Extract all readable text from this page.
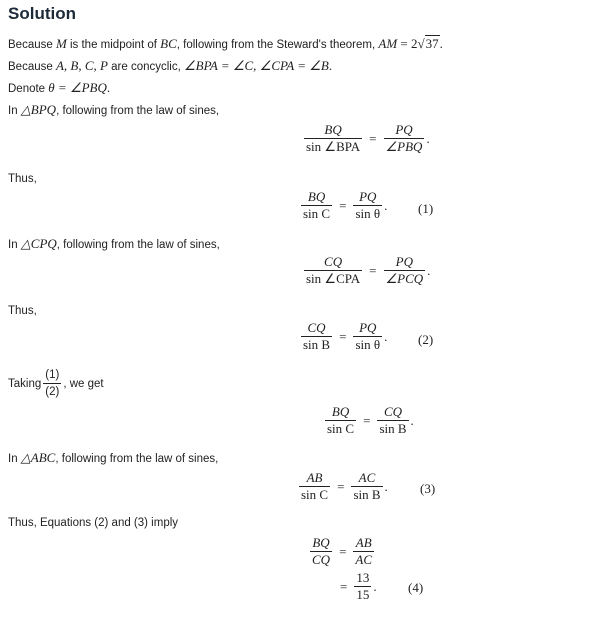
Solution
Because M is the midpoint of BC, following from the Steward's theorem, AM = 2√37.
Because A, B, C, P are concyclic, ∠BPA = ∠C, ∠CPA = ∠B.
Denote θ = ∠PBQ.
In △BPQ, following from the law of sines,
$\frac{BQ}{\text{sin ∠BPA}} = \frac{PQ}{\text{∠PBQ}}$ .
Thus,
$\frac{BQ}{\text{sin C}} = \frac{PQ}{\text{sin θ}}$ . (1)
In △CPQ, following from the law of sines,
$\frac{CQ}{\text{sin ∠CPA}} = \frac{PQ}{\text{∠PCQ}}$ .
Thus,
$\frac{CQ}{\text{sin B}} = \frac{PQ}{\text{sin θ}}$ . (2)
Taking $\frac{(1)}{(2)}$ , we get
$\frac{BQ}{\text{sin C}} = \frac{CQ}{\text{sin B}}$ .
In △ABC, following from the law of sines,
$\frac{AB}{\text{sin C}} = \frac{AC}{\text{sin B}}$ . (3)
Thus, Equations (2) and (3) imply
$\frac{BQ}{CQ} = \frac{AB}{AC}$
= $\frac{13}{15}$ . (4)
